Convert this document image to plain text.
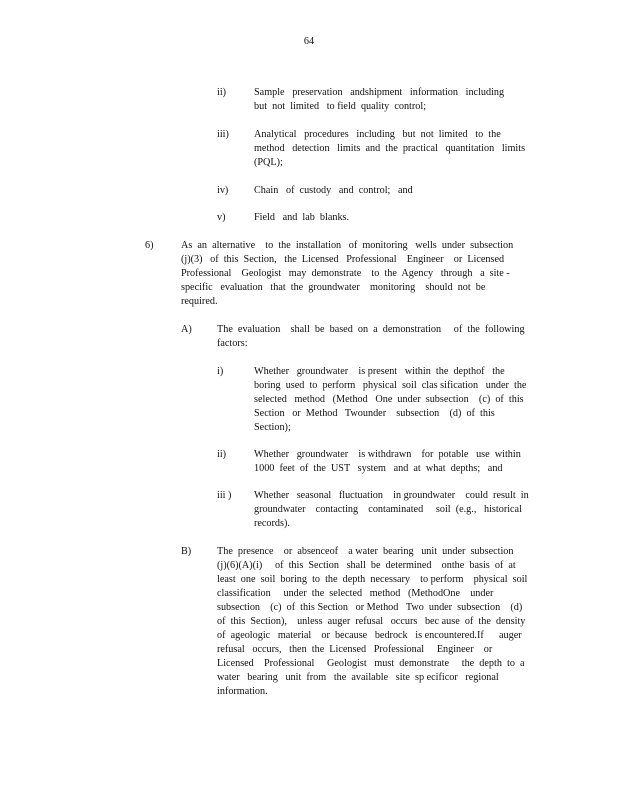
64
ii)	Sample   preservation   andshipment   information   including
but  not  limited   to field  quality  control;
iii) Analytical   procedures   including   but  not  limited   to  the
method   detection   limits  and  the  practical   quantitation   limits
(PQL);
iv)	Chain   of  custody   and  control;   and
v)	Field   and  lab  blanks.
6)	As  an  alternative    to  the  installation   of  monitoring   wells  under  subsection
(j)(3)   of  this  Section,   the  Licensed   Professional    Engineer    or  Licensed
Professional    Geologist   may  demonstrate    to  the  Agency   through   a  site -
specific   evaluation   that  the  groundwater    monitoring    should  not  be
required.
A) The  evaluation    shall  be  based  on  a  demonstration     of  the  following
factors:
i)	Whether   groundwater    is present   within  the  depthof   the
boring  used  to  perform   physical  soil  clas sification   under  the
selected   method   (Method   One  under  subsection    (c)  of  this
Section   or  Method   Twounder    subsection    (d)  of  this
Section);
ii)	Whether   groundwater    is withdrawn    for  potable   use  within
1000  feet  of  the  UST   system   and  at  what  depths;   and
iii ) Whether   seasonal   fluctuation    in groundwater    could  result  in
groundwater    contacting    contaminated     soil  (e.g.,   historical
records).
B)	The  presence    or  absenceof    a water  bearing   unit  under  subsection
(j)(6)(A)(i)     of  this  Section   shall  be  determined    onthe  basis  of  at
least  one  soil  boring  to  the  depth  necessary    to perform    physical  soil
classification     under  the  selected   method   (MethodOne    under
subsection    (c)  of  this Section   or Method   Two  under  subsection    (d)
of  this  Section),    unless  auger  refusal   occurs   bec ause  of  the  density
of  ageologic   material    or  because   bedrock   is encountered.If      auger
refusal   occurs,   then  the  Licensed   Professional     Engineer    or
Licensed    Professional     Geologist   must  demonstrate     the  depth  to  a
water   bearing   unit  from   the  available   site  sp ecificor   regional
information.
